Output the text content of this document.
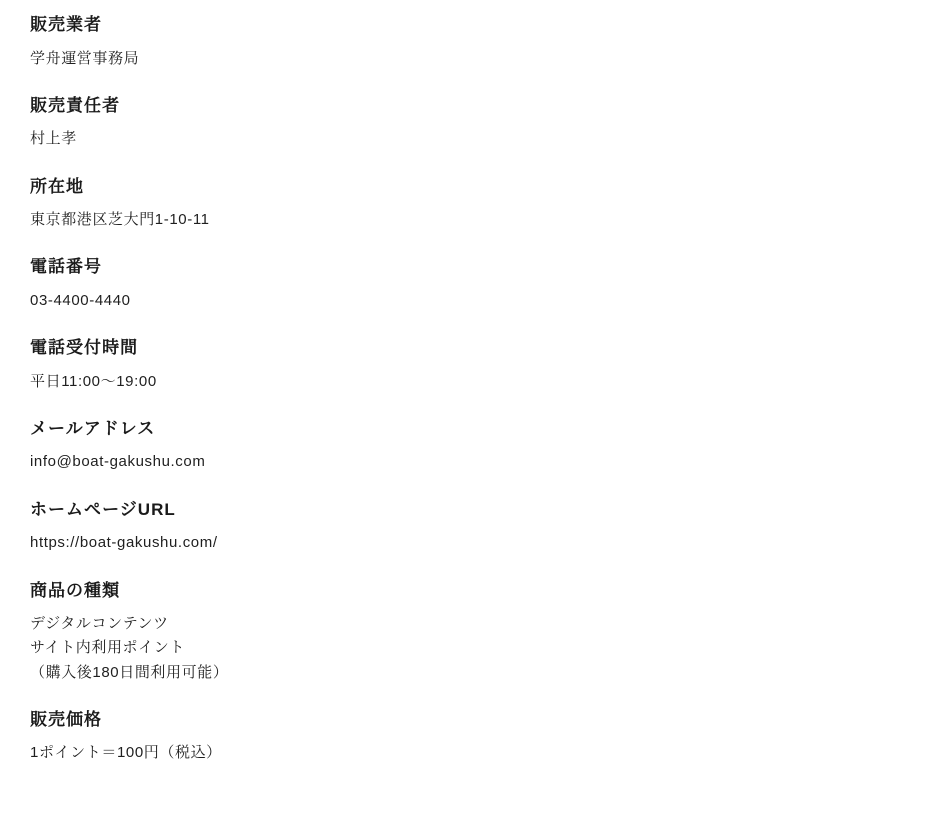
販売業者
学舟運営事務局
販売責任者
村上孝
所在地
東京都港区芝大門1-10-11
電話番号
03-4400-4440
電話受付時間
平日11:00〜19:00
メールアドレス
info@boat-gakushu.com
ホームページURL
https://boat-gakushu.com/
商品の種類
デジタルコンテンツ
サイト内利用ポイント
（購入後180日間利用可能）
販売価格
1ポイント＝100円（税込）
